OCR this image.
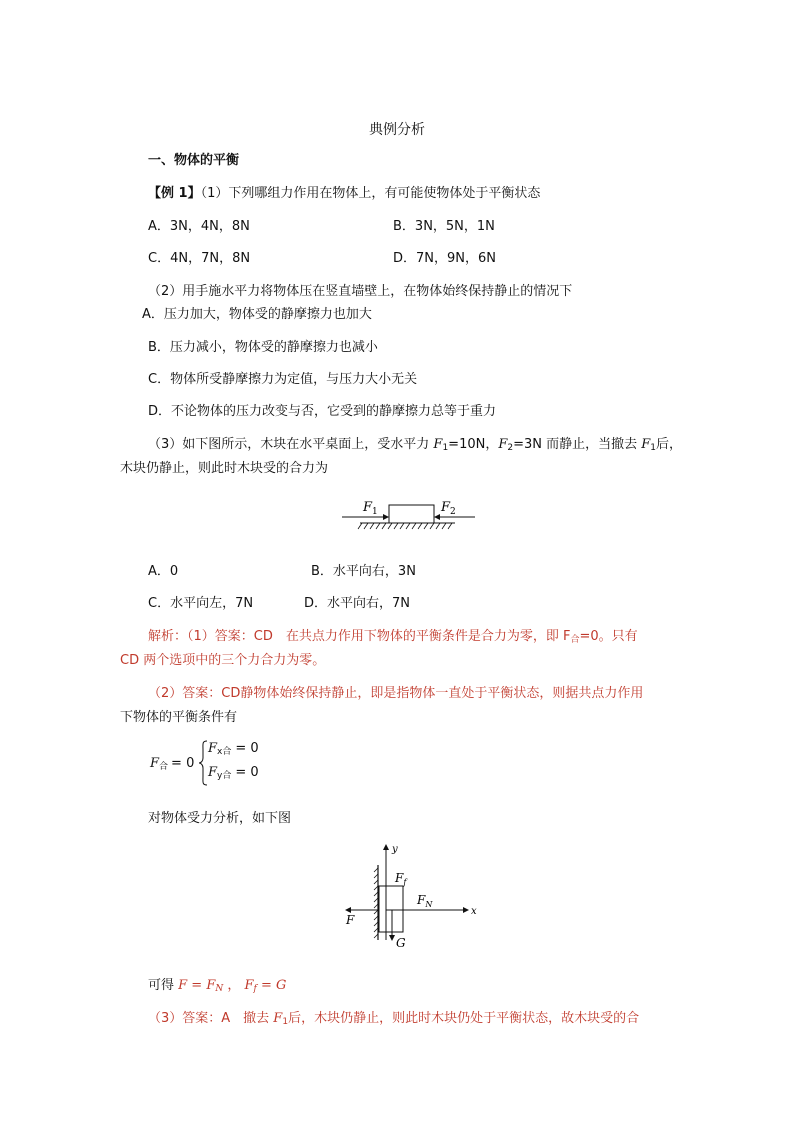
典例分析
一、物体的平衡
【例 1】（1）下列哪组力作用在物体上，有可能使物体处于平衡状态
A．3N，4N，8N	B．3N，5N，1N
C．4N，7N，8N	D．7N，9N，6N
（2）用手施水平力将物体压在竖直墙壁上，在物体始终保持静止的情况下
A．压力加大，物体受的静摩擦力也加大
B．压力减小，物体受的静摩擦力也减小
C．物体所受静摩擦力为定值，与压力大小无关
D．不论物体的压力改变与否，它受到的静摩擦力总等于重力
（3）如下图所示，木块在水平桌面上，受水平力 $F_1=10N$，$F_2=3N$ 而静止，当撤去 $F_1$后，
木块仍静止，则此时木块受的合力为
$F_1$	$F_2$
A．0	B．水平向右，3N
C．水平向左，7N	D．水平向右，7N
解析：（1）答案：CD　在共点力作用下物体的平衡条件是合力为零，即 $F_合=0$。只有
CD 两个选项中的三个力合力为零。
（2）答案：CD静物体始终保持静止，即是指物体一直处于平衡状态，则据共点力作用
下物体的平衡条件有
$F_合 = 0$
$F_{x合} = 0$
$F_{y合} = 0$
对物体受力分析，如下图
y
x
$F_f$
$F_N$
F
G
可得 $F = F_N$ ， $F_f = G$
（3）答案：A　撤去 $F_1$后，木块仍静止，则此时木块仍处于平衡状态，故木块受的合
